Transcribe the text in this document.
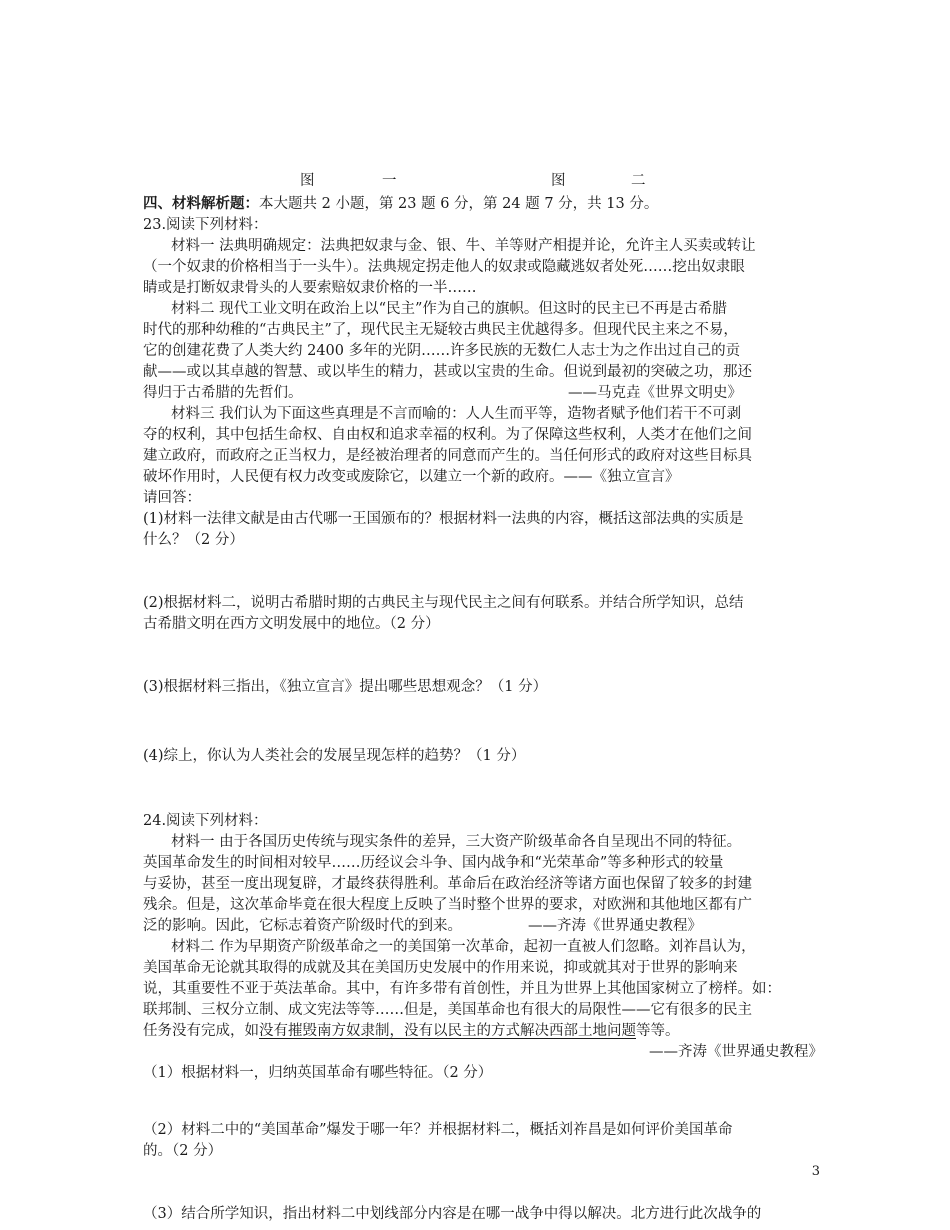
图	一	图	二

四、材料解析题：本大题共 2 小题，第 23 题 6 分，第 24 题 7 分，共 13 分。

23.阅读下列材料：

材料一 法典明确规定：法典把奴隶与金、银、牛、羊等财产相提并论，允许主人买卖或转让

（一个奴隶的价格相当于一头牛）。法典规定拐走他人的奴隶或隐藏逃奴者处死……挖出奴隶眼

睛或是打断奴隶骨头的人要索赔奴隶价格的一半……

材料二 现代工业文明在政治上以“民主”作为自己的旗帜。但这时的民主已不再是古希腊

时代的那种幼稚的“古典民主”了，现代民主无疑较古典民主优越得多。但现代民主来之不易，

它的创建花费了人类大约 2400 多年的光阴……许多民族的无数仁人志士为之作出过自己的贡

献——或以其卓越的智慧、或以毕生的精力，甚或以宝贵的生命。但说到最初的突破之功，那还

得归于古希腊的先哲们。	——马克垚《世界文明史》

材料三 我们认为下面这些真理是不言而喻的：人人生而平等，造物者赋予他们若干不可剥

夺的权利，其中包括生命权、自由权和追求幸福的权利。为了保障这些权利，人类才在他们之间

建立政府，而政府之正当权力，是经被治理者的同意而产生的。当任何形式的政府对这些目标具

破坏作用时，人民便有权力改变或废除它，以建立一个新的政府。——《独立宣言》

请回答：

(1)材料一法律文献是由古代哪一王国颁布的？根据材料一法典的内容，概括这部法典的实质是

什么？（2 分）

(2)根据材料二，说明古希腊时期的古典民主与现代民主之间有何联系。并结合所学知识，总结

古希腊文明在西方文明发展中的地位。（2 分）

(3)根据材料三指出，《独立宣言》提出哪些思想观念？（1 分）

(4)综上，你认为人类社会的发展呈现怎样的趋势？（1 分）

24.阅读下列材料：

材料一 由于各国历史传统与现实条件的差异，三大资产阶级革命各自呈现出不同的特征。

英国革命发生的时间相对较早……历经议会斗争、国内战争和“光荣革命”等多种形式的较量

与妥协，甚至一度出现复辟，才最终获得胜利。革命后在政治经济等诸方面也保留了较多的封建

残余。但是，这次革命毕竟在很大程度上反映了当时整个世界的要求，对欧洲和其他地区都有广

泛的影响。因此，它标志着资产阶级时代的到来。	——齐涛《世界通史教程》

材料二 作为早期资产阶级革命之一的美国第一次革命，起初一直被人们忽略。刘祚昌认为，

美国革命无论就其取得的成就及其在美国历史发展中的作用来说，抑或就其对于世界的影响来

说，其重要性不亚于英法革命。其中，有许多带有首创性，并且为世界上其他国家树立了榜样。如：

联邦制、三权分立制、成文宪法等等……但是，美国革命也有很大的局限性——它有很多的民主

任务没有完成，如没有摧毁南方奴隶制，没有以民主的方式解决西部土地问题等等。

——齐涛《世界通史教程》

（1）根据材料一，归纳英国革命有哪些特征。（2 分）

（2）材料二中的“美国革命”爆发于哪一年？并根据材料二，概括刘祚昌是如何评价美国革命

的。（2 分）

（3）结合所学知识，指出材料二中划线部分内容是在哪一战争中得以解决。北方进行此次战争的

3
